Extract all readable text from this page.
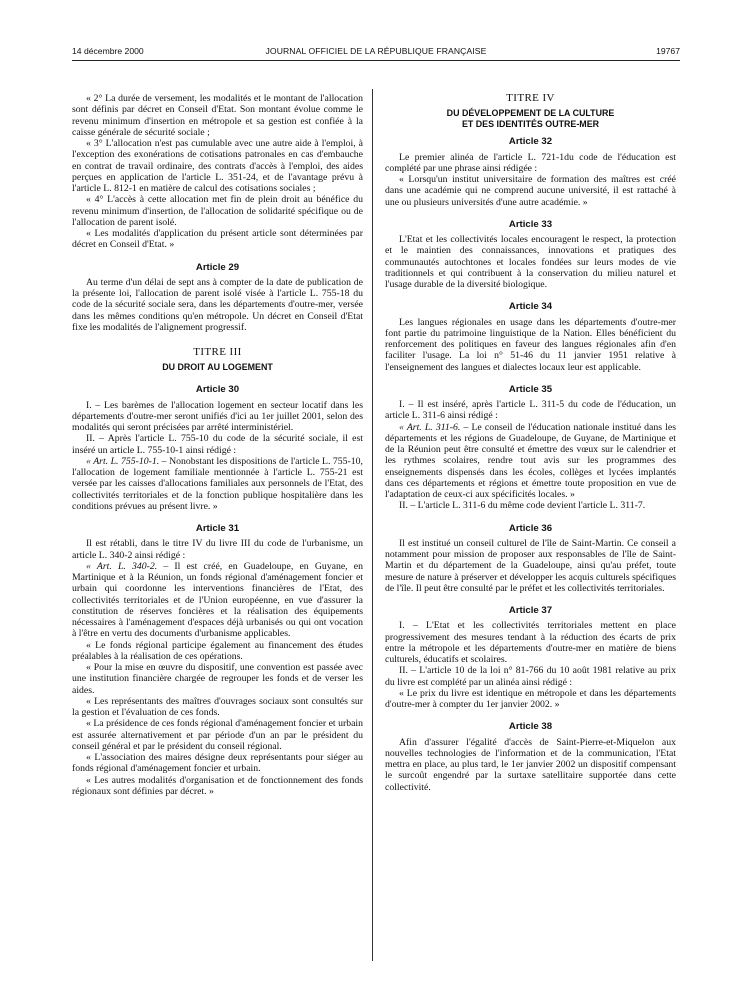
14 décembre 2000	JOURNAL OFFICIEL DE LA RÉPUBLIQUE FRANÇAISE	19767

« 2° La durée de versement, les modalités et le montant de l'allocation sont définis par décret en Conseil d'Etat. Son montant évolue comme le revenu minimum d'insertion en métropole et sa gestion est confiée à la caisse générale de sécurité sociale ;

« 3° L'allocation n'est pas cumulable avec une autre aide à l'emploi, à l'exception des exonérations de cotisations patronales en cas d'embauche en contrat de travail ordinaire, des contrats d'accès à l'emploi, des aides perçues en application de l'article L. 351-24, et de l'avantage prévu à l'article L. 812-1 en matière de calcul des cotisations sociales ;

« 4° L'accès à cette allocation met fin de plein droit au bénéfice du revenu minimum d'insertion, de l'allocation de solidarité spécifique ou de l'allocation de parent isolé.

« Les modalités d'application du présent article sont déterminées par décret en Conseil d'Etat. »

Article 29

Au terme d'un délai de sept ans à compter de la date de publication de la présente loi, l'allocation de parent isolé visée à l'article L. 755-18 du code de la sécurité sociale sera, dans les départements d'outre-mer, versée dans les mêmes conditions qu'en métropole. Un décret en Conseil d'Etat fixe les modalités de l'alignement progressif.

TITRE III
DU DROIT AU LOGEMENT
Article 30

I. – Les barèmes de l'allocation logement en secteur locatif dans les départements d'outre-mer seront unifiés d'ici au 1er juillet 2001, selon des modalités qui seront précisées par arrêté interministériel.

II. – Après l'article L. 755-10 du code de la sécurité sociale, il est inséré un article L. 755-10-1 ainsi rédigé :

« Art. L. 755-10-1. – Nonobstant les dispositions de l'article L. 755-10, l'allocation de logement familiale mentionnée à l'article L. 755-21 est versée par les caisses d'allocations familiales aux personnels de l'Etat, des collectivités territoriales et de la fonction publique hospitalière dans les conditions prévues au présent livre. »

Article 31

Il est rétabli, dans le titre IV du livre III du code de l'urbanisme, un article L. 340-2 ainsi rédigé :

« Art. L. 340-2. – Il est créé, en Guadeloupe, en Guyane, en Martinique et à la Réunion, un fonds régional d'aménagement foncier et urbain qui coordonne les interventions financières de l'Etat, des collectivités territoriales et de l'Union européenne, en vue d'assurer la constitution de réserves foncières et la réalisation des équipements nécessaires à l'aménagement d'espaces déjà urbanisés ou qui ont vocation à l'être en vertu des documents d'urbanisme applicables.

« Le fonds régional participe également au financement des études préalables à la réalisation de ces opérations.

« Pour la mise en œuvre du dispositif, une convention est passée avec une institution financière chargée de regrouper les fonds et de verser les aides.

« Les représentants des maîtres d'ouvrages sociaux sont consultés sur la gestion et l'évaluation de ces fonds.

« La présidence de ces fonds régional d'aménagement foncier et urbain est assurée alternativement et par période d'un an par le président du conseil général et par le président du conseil régional.

« L'association des maires désigne deux représentants pour siéger au fonds régional d'aménagement foncier et urbain.

« Les autres modalités d'organisation et de fonctionnement des fonds régionaux sont définies par décret. »

TITRE IV
DU DÉVELOPPEMENT DE LA CULTURE
ET DES IDENTITÉS OUTRE-MER
Article 32

Le premier alinéa de l'article L. 721-1du code de l'éducation est complété par une phrase ainsi rédigée :

« Lorsqu'un institut universitaire de formation des maîtres est créé dans une académie qui ne comprend aucune université, il est rattaché à une ou plusieurs universités d'une autre académie. »

Article 33

L'Etat et les collectivités locales encouragent le respect, la protection et le maintien des connaissances, innovations et pratiques des communautés autochtones et locales fondées sur leurs modes de vie traditionnels et qui contribuent à la conservation du milieu naturel et l'usage durable de la diversité biologique.

Article 34

Les langues régionales en usage dans les départements d'outre-mer font partie du patrimoine linguistique de la Nation. Elles bénéficient du renforcement des politiques en faveur des langues régionales afin d'en faciliter l'usage. La loi n° 51-46 du 11 janvier 1951 relative à l'enseignement des langues et dialectes locaux leur est applicable.

Article 35

I. – Il est inséré, après l'article L. 311-5 du code de l'éducation, un article L. 311-6 ainsi rédigé :

« Art. L. 311-6. – Le conseil de l'éducation nationale institué dans les départements et les régions de Guadeloupe, de Guyane, de Martinique et de la Réunion peut être consulté et émettre des vœux sur le calendrier et les rythmes scolaires, rendre tout avis sur les programmes des enseignements dispensés dans les écoles, collèges et lycées implantés dans ces départements et régions et émettre toute proposition en vue de l'adaptation de ceux-ci aux spécificités locales. »

II. – L'article L. 311-6 du même code devient l'article L. 311-7.

Article 36

Il est institué un conseil culturel de l'île de Saint-Martin. Ce conseil a notamment pour mission de proposer aux responsables de l'île de Saint-Martin et du département de la Guadeloupe, ainsi qu'au préfet, toute mesure de nature à préserver et développer les acquis culturels spécifiques de l'île. Il peut être consulté par le préfet et les collectivités territoriales.

Article 37

I. – L'Etat et les collectivités territoriales mettent en place progressivement des mesures tendant à la réduction des écarts de prix entre la métropole et les départements d'outre-mer en matière de biens culturels, éducatifs et scolaires.

II. – L'article 10 de la loi n° 81-766 du 10 août 1981 relative au prix du livre est complété par un alinéa ainsi rédigé :

« Le prix du livre est identique en métropole et dans les départements d'outre-mer à compter du 1er janvier 2002. »

Article 38

Afin d'assurer l'égalité d'accès de Saint-Pierre-et-Miquelon aux nouvelles technologies de l'information et de la communication, l'Etat mettra en place, au plus tard, le 1er janvier 2002 un dispositif compensant le surcoût engendré par la surtaxe satellitaire supportée dans cette collectivité.
